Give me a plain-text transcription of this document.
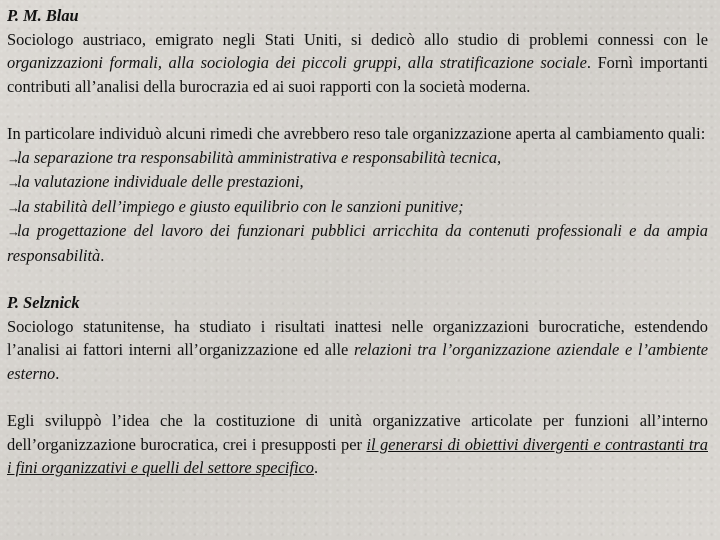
P. M. Blau
Sociologo austriaco, emigrato negli Stati Uniti, si dedicò allo studio di problemi connessi con le organizzazioni formali, alla sociologia dei piccoli gruppi, alla stratificazione sociale. Fornì importanti contributi all’analisi della burocrazia ed ai suoi rapporti con la società moderna.

In particolare individuò alcuni rimedi che avrebbero reso tale organizzazione aperta al cambiamento quali:
→la separazione tra responsabilità amministrativa e responsabilità tecnica,
→la valutazione individuale delle prestazioni,
→la stabilità dell’impiego e giusto equilibrio con le sanzioni punitive;
→la progettazione del lavoro dei funzionari pubblici arricchita da contenuti professionali e da ampia responsabilità.

P. Selznick
Sociologo statunitense, ha studiato i risultati inattesi nelle organizzazioni burocratiche, estendendo l’analisi ai fattori interni all’organizzazione ed alle relazioni tra l’organizzazione aziendale e l’ambiente esterno.

Egli sviluppò l’idea che la costituzione di unità organizzative articolate per funzioni all’interno dell’organizzazione burocratica, crei i presupposti per il generarsi di obiettivi divergenti e contrastanti tra i fini organizzativi e quelli del settore specifico.
